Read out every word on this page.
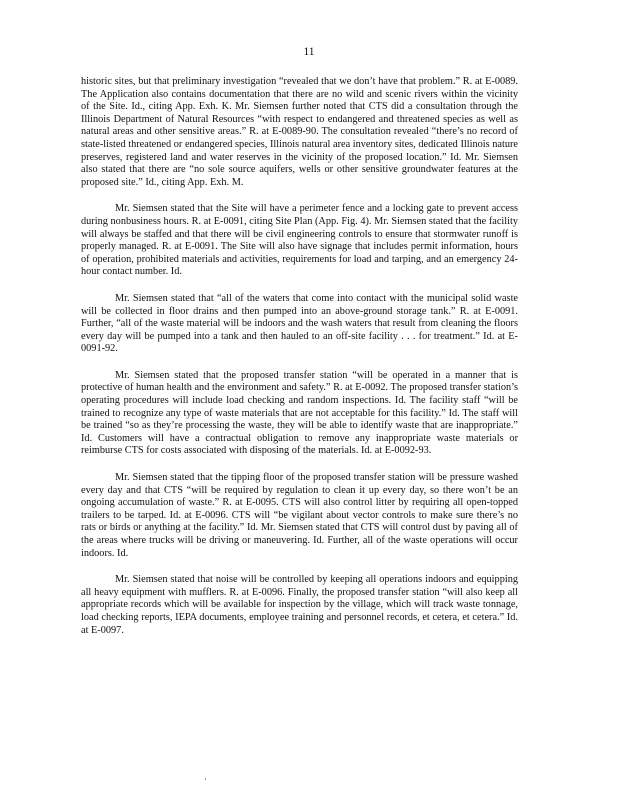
11

historic sites, but that preliminary investigation “revealed that we don’t have that problem.” R. at E-0089. The Application also contains documentation that there are no wild and scenic rivers within the vicinity of the Site. Id., citing App. Exh. K. Mr. Siemsen further noted that CTS did a consultation through the Illinois Department of Natural Resources “with respect to endangered and threatened species as well as natural areas and other sensitive areas.” R. at E-0089-90. The consultation revealed “there’s no record of state-listed threatened or endangered species, Illinois natural area inventory sites, dedicated Illinois nature preserves, registered land and water reserves in the vicinity of the proposed location.” Id. Mr. Siemsen also stated that there are “no sole source aquifers, wells or other sensitive groundwater features at the proposed site.” Id., citing App. Exh. M.

Mr. Siemsen stated that the Site will have a perimeter fence and a locking gate to prevent access during nonbusiness hours. R. at E-0091, citing Site Plan (App. Fig. 4). Mr. Siemsen stated that the facility will always be staffed and that there will be civil engineering controls to ensure that stormwater runoff is properly managed. R. at E-0091. The Site will also have signage that includes permit information, hours of operation, prohibited materials and activities, requirements for load and tarping, and an emergency 24-hour contact number. Id.

Mr. Siemsen stated that “all of the waters that come into contact with the municipal solid waste will be collected in floor drains and then pumped into an above-ground storage tank.” R. at E-0091. Further, “all of the waste material will be indoors and the wash waters that result from cleaning the floors every day will be pumped into a tank and then hauled to an off-site facility . . . for treatment.” Id. at E-0091-92.

Mr. Siemsen stated that the proposed transfer station “will be operated in a manner that is protective of human health and the environment and safety.” R. at E-0092. The proposed transfer station’s operating procedures will include load checking and random inspections. Id. The facility staff “will be trained to recognize any type of waste materials that are not acceptable for this facility.” Id. The staff will be trained “so as they’re processing the waste, they will be able to identify waste that are inappropriate.” Id. Customers will have a contractual obligation to remove any inappropriate waste materials or reimburse CTS for costs associated with disposing of the materials. Id. at E-0092-93.

Mr. Siemsen stated that the tipping floor of the proposed transfer station will be pressure washed every day and that CTS “will be required by regulation to clean it up every day, so there won’t be an ongoing accumulation of waste.” R. at E-0095. CTS will also control litter by requiring all open-topped trailers to be tarped. Id. at E-0096. CTS will “be vigilant about vector controls to make sure there’s no rats or birds or anything at the facility.” Id. Mr. Siemsen stated that CTS will control dust by paving all of the areas where trucks will be driving or maneuvering. Id. Further, all of the waste operations will occur indoors. Id.

Mr. Siemsen stated that noise will be controlled by keeping all operations indoors and equipping all heavy equipment with mufflers. R. at E-0096. Finally, the proposed transfer station “will also keep all appropriate records which will be available for inspection by the village, which will track waste tonnage, load checking reports, IEPA documents, employee training and personnel records, et cetera, et cetera.” Id. at E-0097.

·
